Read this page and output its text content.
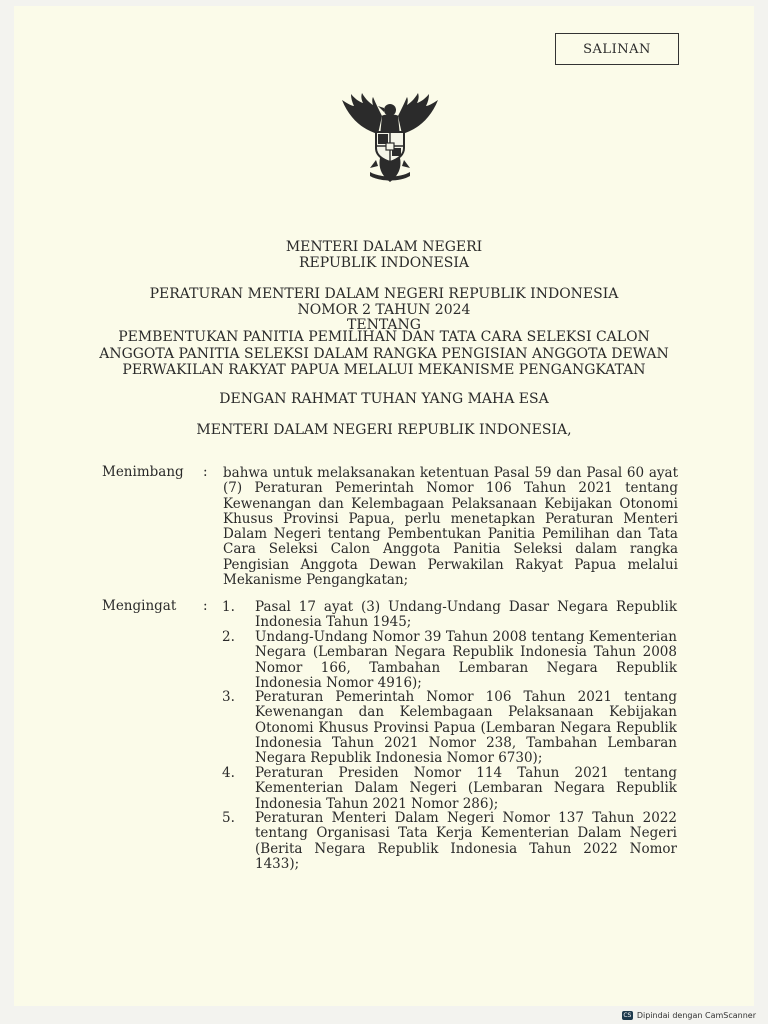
SALINAN
MENTERI DALAM NEGERI
REPUBLIK INDONESIA
PERATURAN MENTERI DALAM NEGERI REPUBLIK INDONESIA
NOMOR 2 TAHUN 2024
TENTANG
PEMBENTUKAN PANITIA PEMILIHAN DAN TATA CARA SELEKSI CALON
ANGGOTA PANITIA SELEKSI DALAM RANGKA PENGISIAN ANGGOTA DEWAN
PERWAKILAN RAKYAT PAPUA MELALUI MEKANISME PENGANGKATAN
DENGAN RAHMAT TUHAN YANG MAHA ESA
MENTERI DALAM NEGERI REPUBLIK INDONESIA,
Menimbang : bahwa untuk melaksanakan ketentuan Pasal 59 dan Pasal 60 ayat (7) Peraturan Pemerintah Nomor 106 Tahun 2021 tentang Kewenangan dan Kelembagaan Pelaksanaan Kebijakan Otonomi Khusus Provinsi Papua, perlu menetapkan Peraturan Menteri Dalam Negeri tentang Pembentukan Panitia Pemilihan dan Tata Cara Seleksi Calon Anggota Panitia Seleksi dalam rangka Pengisian Anggota Dewan Perwakilan Rakyat Papua melalui Mekanisme Pengangkatan;
Mengingat : 1.	Pasal 17 ayat (3) Undang-Undang Dasar Negara Republik Indonesia Tahun 1945;
2.	Undang-Undang Nomor 39 Tahun 2008 tentang Kementerian Negara (Lembaran Negara Republik Indonesia Tahun 2008 Nomor 166, Tambahan Lembaran Negara Republik Indonesia Nomor 4916);
3.	Peraturan Pemerintah Nomor 106 Tahun 2021 tentang Kewenangan dan Kelembagaan Pelaksanaan Kebijakan Otonomi Khusus Provinsi Papua (Lembaran Negara Republik Indonesia Tahun 2021 Nomor 238, Tambahan Lembaran Negara Republik Indonesia Nomor 6730);
4.	Peraturan Presiden Nomor 114 Tahun 2021 tentang Kementerian Dalam Negeri (Lembaran Negara Republik Indonesia Tahun 2021 Nomor 286);
5.	Peraturan Menteri Dalam Negeri Nomor 137 Tahun 2022 tentang Organisasi Tata Kerja Kementerian Dalam Negeri (Berita Negara Republik Indonesia Tahun 2022 Nomor 1433);
CS Dipindai dengan CamScanner
